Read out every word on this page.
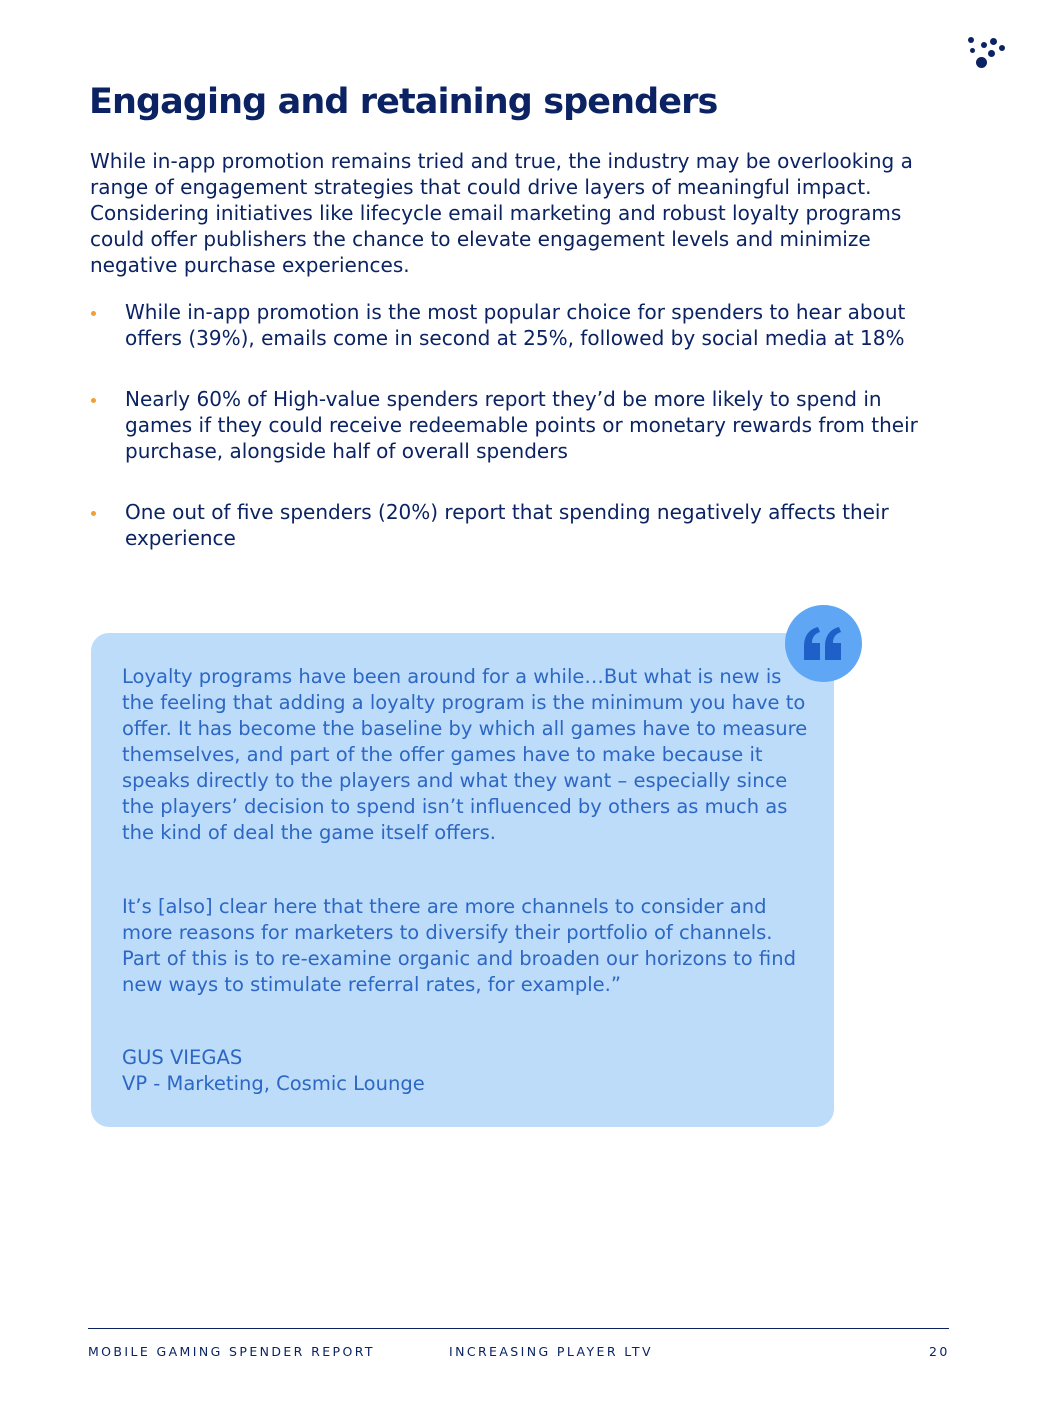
Engaging and retaining spenders

While in-app promotion remains tried and true, the industry may be overlooking a range of engagement strategies that could drive layers of meaningful impact. Considering initiatives like lifecycle email marketing and robust loyalty programs could offer publishers the chance to elevate engagement levels and minimize negative purchase experiences.

While in-app promotion is the most popular choice for spenders to hear about offers (39%), emails come in second at 25%, followed by social media at 18%
Nearly 60% of High-value spenders report they’d be more likely to spend in games if they could receive redeemable points or monetary rewards from their purchase, alongside half of overall spenders
One out of five spenders (20%) report that spending negatively affects their experience

Loyalty programs have been around for a while…But what is new is the feeling that adding a loyalty program is the minimum you have to offer. It has become the baseline by which all games have to measure themselves, and part of the offer games have to make because it speaks directly to the players and what they want – especially since the players’ decision to spend isn’t influenced by others as much as the kind of deal the game itself offers.

It’s [also] clear here that there are more channels to consider and more reasons for marketers to diversify their portfolio of channels. Part of this is to re-examine organic and broaden our horizons to find new ways to stimulate referral rates, for example.”

GUS VIEGAS

VP - Marketing, Cosmic Lounge

MOBILE GAMING SPENDER REPORT	INCREASING PLAYER LTV	20
